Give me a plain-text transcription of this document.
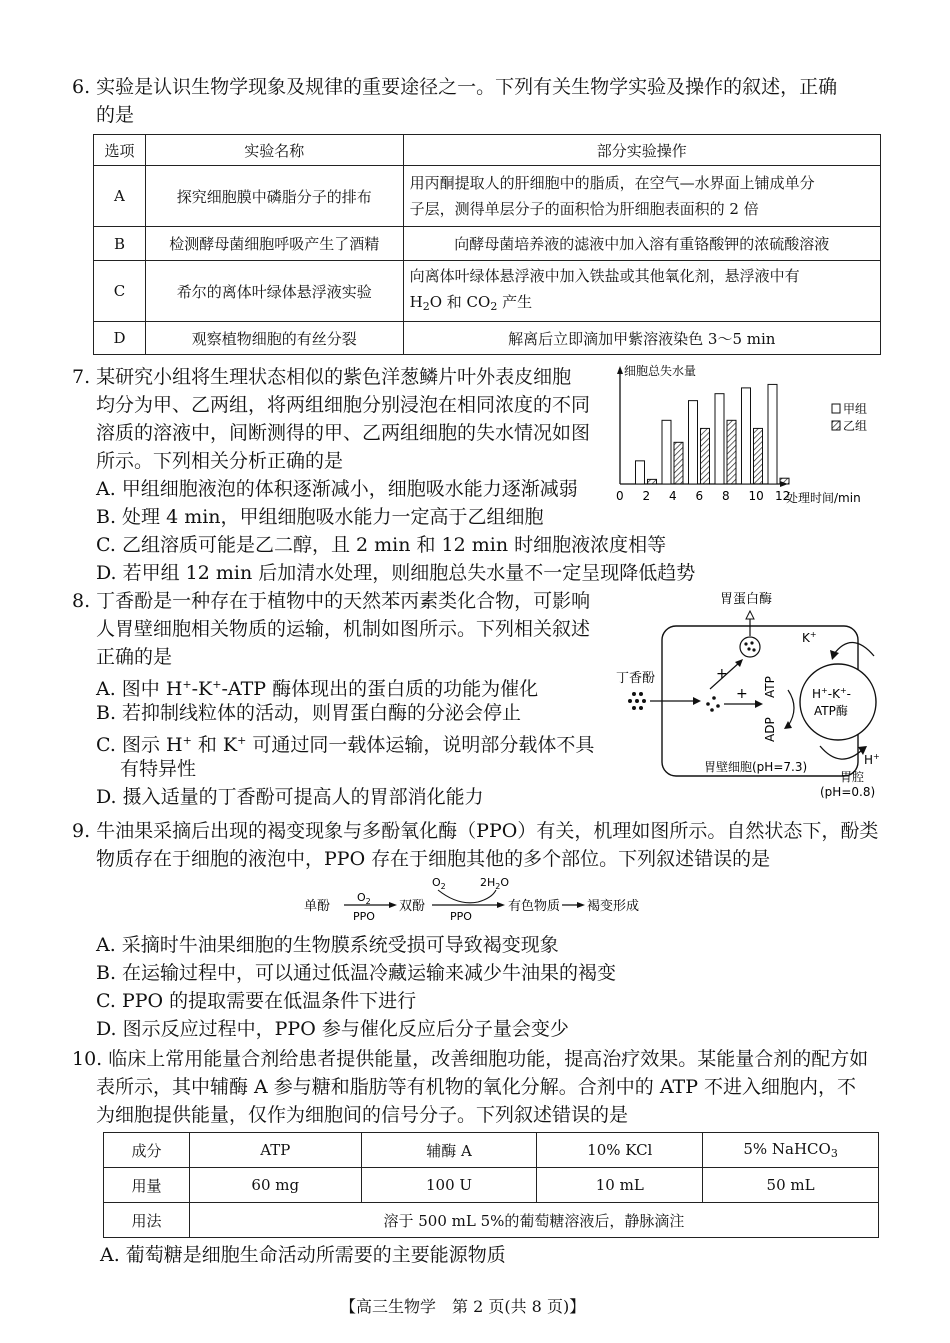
6. 实验是认识生物学现象及规律的重要途径之一。下列有关生物学实验及操作的叙述，正确
的是
选项	实验名称	部分实验操作
A	探究细胞膜中磷脂分子的排布	用丙酮提取人的肝细胞中的脂质，在空气—水界面上铺成单分
子层，测得单层分子的面积恰为肝细胞表面积的 2 倍

B	检测酵母菌细胞呼吸产生了酒精	向酵母菌培养液的滤液中加入溶有重铬酸钾的浓硫酸溶液
C	希尔的离体叶绿体悬浮液实验	向离体叶绿体悬浮液中加入铁盐或其他氧化剂，悬浮液中有
$H_2O$ 和 $CO_2$ 产生

D	观察植物细胞的有丝分裂	解离后立即滴加甲紫溶液染色 3～5 min
7. 某研究小组将生理状态相似的紫色洋葱鳞片叶外表皮细胞
均分为甲、乙两组，将两组细胞分别浸泡在相同浓度的不同
溶质的溶液中，间断测得的甲、乙两组细胞的失水情况如图
所示。下列相关分析正确的是
A. 甲组细胞液泡的体积逐渐减小，细胞吸水能力逐渐减弱
B. 处理 4 min，甲组细胞吸水能力一定高于乙组细胞
C. 乙组溶质可能是乙二醇，且 2 min 和 12 min 时细胞液浓度相等
D. 若甲组 12 min 后加清水处理，则细胞总失水量不一定呈现降低趋势
细胞总失水量
处理时间/min
0 2 4 6 8 10 12
甲组
乙组
8. 丁香酚是一种存在于植物中的天然苯丙素类化合物，可影响
人胃壁细胞相关物质的运输，机制如图所示。下列相关叙述
正确的是
A. 图中 H+-K+-ATP 酶体现出的蛋白质的功能为催化
B. 若抑制线粒体的活动，则胃蛋白酶的分泌会停止
C. 图示 H+ 和 K+ 可通过同一载体运输，说明部分载体不具
有特异性
D. 摄入适量的丁香酚可提高人的胃部消化能力
胃蛋白酶
丁香酚	+
+ ATP
ADP
H+-K+-
ATP酶
K+
H+
胃壁细胞(pH=7.3)
胃腔
(pH=0.8)
9. 牛油果采摘后出现的褐变现象与多酚氧化酶（PPO）有关，机理如图所示。自然状态下，酚类
物质存在于细胞的液泡中，PPO 存在于细胞其他的多个部位。下列叙述错误的是
单酚
$O_2$
PPO
双酚
$O_2$	$2H_2O$
PPO
有色物质 褐变形成
A. 采摘时牛油果细胞的生物膜系统受损可导致褐变现象
B. 在运输过程中，可以通过低温冷藏运输来减少牛油果的褐变
C. PPO 的提取需要在低温条件下进行
D. 图示反应过程中，PPO 参与催化反应后分子量会变少
10. 临床上常用能量合剂给患者提供能量，改善细胞功能，提高治疗效果。某能量合剂的配方如
表所示，其中辅酶 A 参与糖和脂肪等有机物的氧化分解。合剂中的 ATP 不进入细胞内，不
为细胞提供能量，仅作为细胞间的信号分子。下列叙述错误的是
成分	ATP	辅酶 A	10% KCl	5% NaHCO$_3$
用量	60 mg	100 U	10 mL	50 mL
用法	溶于 500 mL 5%的葡萄糖溶液后，静脉滴注			
A. 葡萄糖是细胞生命活动所需要的主要能源物质
【高三生物学　第 2 页(共 8 页)】
